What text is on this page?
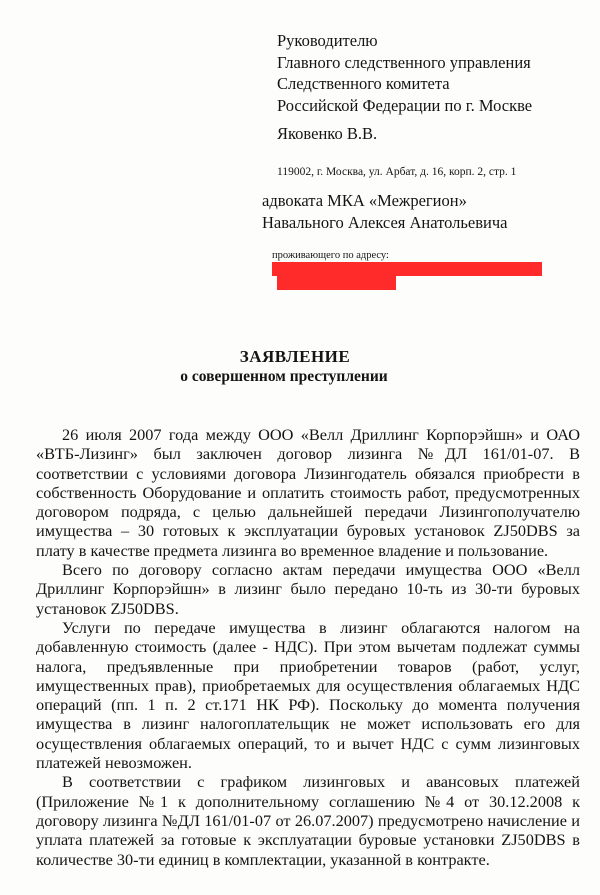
Руководителю
Главного следственного управления
Следственного комитета
Российской Федерации по г. Москве
Яковенко В.В.
119002, г. Москва, ул. Арбат, д. 16, корп. 2, стр. 1
адвоката МКА «Межрегион»
Навального Алексея Анатольевича
проживающего по адресу:
ЗАЯВЛЕНИЕ
о совершенном преступлении

26 июля 2007 года между ООО «Велл Дриллинг Корпорэйшн» и ОАО «ВТБ-Лизинг» был заключен договор лизинга №ДЛ 161/01-07. В соответствии с условиями договора Лизингодатель обязался приобрести в собственность Оборудование и оплатить стоимость работ, предусмотренных договором подряда, с целью дальнейшей передачи Лизингополучателю имущества – 30 готовых к эксплуатации буровых установок ZJ50DBS за плату в качестве предмета лизинга во временное владение и пользование.

Всего по договору согласно актам передачи имущества ООО «Велл Дриллинг Корпорэйшн» в лизинг было передано 10-ть из 30-ти буровых установок ZJ50DBS.

Услуги по передаче имущества в лизинг облагаются налогом на добавленную стоимость (далее - НДС). При этом вычетам подлежат суммы налога, предъявленные при приобретении товаров (работ, услуг, имущественных прав), приобретаемых для осуществления облагаемых НДС операций (пп. 1 п. 2 ст.171 НК РФ). Поскольку до момента получения имущества в лизинг налогоплательщик не может использовать его для осуществления облагаемых операций, то и вычет НДС с сумм лизинговых платежей невозможен.

В соответствии с графиком лизинговых и авансовых платежей (Приложение №1 к дополнительному соглашению №4 от 30.12.2008 к договору лизинга №ДЛ 161/01-07 от 26.07.2007) предусмотрено начисление и уплата платежей за готовые к эксплуатации буровые установки ZJ50DBS в количестве 30-ти единиц в комплектации, указанной в контракте.
